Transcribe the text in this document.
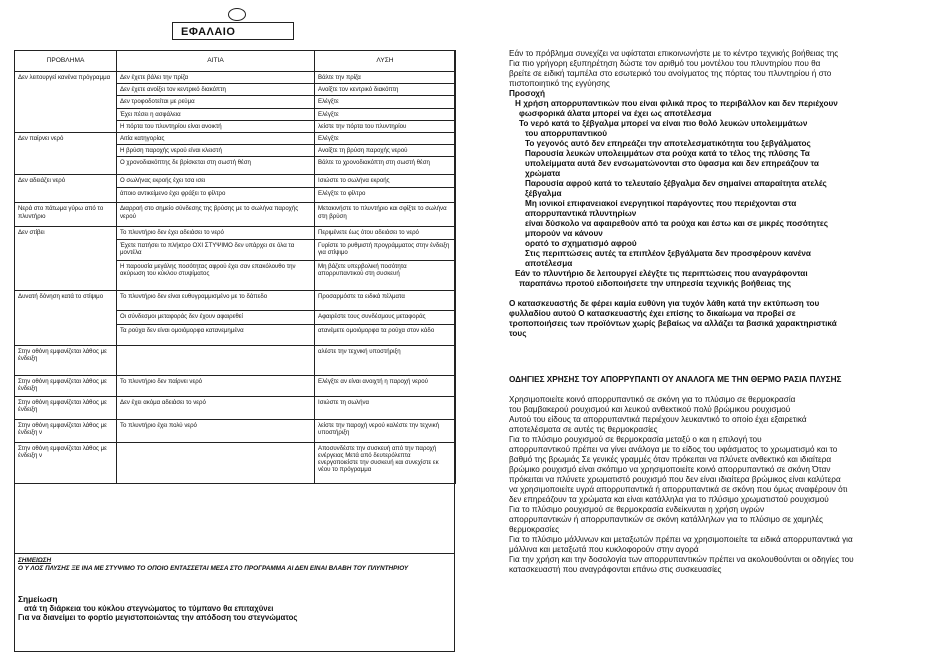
ΕΦΑΛΑΙΟ
ΠΡΟΒΛΗΜΑ	ΑΙΤΙΑ	ΛΥΣΗ
Δεν λειτουργεί κανένα πρόγραμμα	Δεν έχετε βάλει την πρίζα	Βάλτε την πρίζα
	Δεν έχετε ανοίξει τον κεντρικό διακόπτη	Ανοίξτε τον κεντρικό διακόπτη
	Δεν τροφοδοτείται με ρεύμα	Ελέγξτε
	Έχει πέσει η ασφάλεια	Ελέγξτε
	Η πόρτα του πλυντηρίου είναι ανοικτή	λείστε την πόρτα του πλυντηρίου
Δεν παίρνει νερό	Αιτία κατηγορίας	Ελέγξτε
	Η βρύση παροχής νερού είναι κλειστή	Ανοίξτε τη βρύση παροχής νερού
	Ο χρονοδιακόπτης δε βρίσκεται στη σωστή θέση	Βάλτε το χρονοδιακόπτη στη σωστή θέση
Δεν αδειάζει νερό	Ο σωλήνας εκροής έχει τσα ισει	Ισιώστε το σωλήνα εκροής
	άποιο αντικείμενο έχει φράξει το φίλτρο	Ελέγξτε το φίλτρο
Νερά στο πάτωμα γύρω από το πλυντήριο	Διαρροή στο σημείο σύνδεσης της βρύσης με το σωλήνα παροχής νερού	Μετακινήστε το πλυντήριο και σφίξτε το σωλήνα στη βρύση
Δεν στίβει	Το πλυντήριο δεν έχει αδειάσει το νερό	Περιμένετε έως ότου αδειάσει το νερό
	Έχετε πατήσει το πλήκτρο ΟΧΙ ΣΤΥΨΙΜΟ δεν υπάρχει σε όλα τα μοντέλα	Γυρίστε το ρυθμιστή προγράμματος στην ένδειξη για στίψιμο
	Η παρουσία μεγάλης ποσότητας αφρού έχει σαν επακόλουθο την ακύρωση του κύκλου στυψίματος	Μη βάζετε υπερβολική ποσότητα απορρυπαντικού στη συσκευή
Δυνατή δόνηση κατά το στίψιμο	Το πλυντήριο δεν είναι ευθυγραμμισμένο με το δάπεδο	Προσαρμόστε τα ειδικά πέλματα
	Οι σύνδεσμοι μεταφοράς δεν έχουν αφαιρεθεί	Αφαιρέστε τους συνδέσμους μεταφοράς
	Τα ρούχα δεν είναι ομοιόμορφα κατανεμημένα	ατανέμετε ομοιόμορφα τα ρούχα στον κάδο
Στην οθόνη εμφανίζεται λάθος με ένδειξη		αλέστε την τεχνική υποστήριξη
Στην οθόνη εμφανίζεται λάθος με ένδειξη	Το πλυντήριο δεν παίρνει νερό	Ελέγξτε αν είναι ανοιχτή η παροχή νερού
Στην οθόνη εμφανίζεται λάθος με ένδειξη	Δεν έχει ακόμα αδειάσει το νερό	Ισιώστε τη σωλήνα
Στην οθόνη εμφανίζεται λάθος με ένδειξη ν	Το πλυντήριο έχει πολύ νερό	λείστε την παροχή νερού καλέστε την τεχνική υποστήριξη
Στην οθόνη εμφανίζεται λάθος με ένδειξη ν		Αποσυνδέστε την συσκευή από την παροχή ενέργειας Μετά από δευτερόλεπτα ενεργοποιείστε την συσκευή και συνεχίστε εκ νέου το πρόγραμμα
ΣΗΜΕΙΩΣΗ
Ο Υ ΛΟΣ ΠΛΥΣΗΣ ΞΕ ΙΝΑ ΜΕ ΣΤΥΨΙΜΟ ΤΟ ΟΠΟΙΟ ΕΝΤΑΣΣΕΤΑΙ ΜΕΣΑ ΣΤΟ ΠΡΟΓΡΑΜΜΑ ΑΙ ΔΕΝ ΕΙΝΑΙ ΒΛΑΒΗ ΤΟΥ ΠΛΥΝΤΗΡΙΟΥ
Σημείωση
ατά τη διάρκεια του κύκλου στεγνώματος το τύμπανο θα επιταχύνει
Για να διανείμει το φορτίο μεγιστοποιώντας την απόδοση του στεγνώματος
Εάν το πρόβλημα συνεχίζει να υφίσταται επικοινωνήστε με το κέντρο τεχνικής βοήθειας της
Για πιο γρήγορη εξυπηρέτηση δώστε τον αριθμό του μοντέλου του πλυντηρίου που θα
βρείτε σε ειδική ταμπέλα στο εσωτερικό του ανοίγματος της πόρτας του πλυντηρίου ή στο
πιστοποιητικό της εγγύησης
Προσοχή
Η χρήση απορρυπαντικών που είναι φιλικά προς το περιβάλλον και δεν περιέχουν
φωσφορικά άλατα μπορεί να έχει ως αποτέλεσμα
Το νερό κατά το ξέβγαλμα μπορεί να είναι πιο θολό λευκών υπολειμμάτων
του απορρυπαντικού
Το γεγονός αυτό δεν επηρεάζει την αποτελεσματικότητα του ξεβγάλματος
Παρουσία λευκών υπολειμμάτων στα ρούχα κατά το τέλος της πλύσης Τα
υπολείμματα αυτά δεν ενσωματώνονται στο ύφασμα και δεν επηρεάζουν τα
χρώματα
Παρουσία αφρού κατά το τελευταίο ξέβγαλμα δεν σημαίνει απαραίτητα ατελές
ξέβγαλμα
Μη ιονικοί επιφανειακοί ενεργητικοί παράγοντες που περιέχονται στα
απορρυπαντικά πλυντηρίων
είναι δύσκολο να αφαιρεθούν από τα ρούχα και έστω και σε μικρές ποσότητες
μπορούν να κάνουν
ορατό το σχηματισμό αφρού
Στις περιπτώσεις αυτές τα επιπλέον ξεβγάλματα δεν προσφέρουν κανένα
αποτέλεσμα
Εάν το πλυντήριο δε λειτουργεί ελέγξτε τις περιπτώσεις που αναγράφονται
παραπάνω προτού ειδοποιήσετε την υπηρεσία τεχνικής βοήθειας της
Ο κατασκευαστής δε φέρει καμία ευθύνη για τυχόν λάθη κατά την εκτύπωση του
φυλλαδίου αυτού Ο κατασκευαστής έχει επίσης το δικαίωμα να προβεί σε
τροποποιήσεις των προϊόντων χωρίς βεβαίως να αλλάζει τα βασικά χαρακτηριστικά
τους
ΟΔΗΓΙΕΣ ΧΡΗΣΗΣ ΤΟΥ ΑΠΟΡΡΥΠΑΝΤΙ ΟΥ ΑΝΑΛΟΓΑ ΜΕ ΤΗΝ ΘΕΡΜΟ ΡΑΣΙΑ ΠΛΥΣΗΣ
Χρησιμοποιείτε κοινό απορρυπαντικό σε σκόνη για το πλύσιμο σε θερμοκρασία
του βαμβακερού ρουχισμού και λευκού ανθεκτικού πολύ βρώμικου ρουχισμού
Αυτού του είδους τα απορρυπαντικά περιέχουν λευκαντικό το οποίο έχει εξαιρετικά
αποτελέσματα σε αυτές τις θερμοκρασίες
Για το πλύσιμο ρουχισμού σε θερμοκρασία μεταξύ ο και η επιλογή του
απορρυπαντικού πρέπει να γίνει ανάλογα με το είδος του υφάσματος το χρωματισμό και το
βαθμό της βρωμιάς Σε γενικές γραμμές όταν πρόκειται να πλύνετε ανθεκτικό και ιδιαίτερα
βρώμικο ρουχισμό είναι σκόπιμο να χρησιμοποιείτε κοινό απορρυπαντικό σε σκόνη Όταν
πρόκειται να πλύνετε χρωματιστό ρουχισμό που δεν είναι ιδιαίτερα βρώμικος είναι καλύτερα
να χρησιμοποιείτε υγρά απορρυπαντικά ή απορρυπαντικά σε σκόνη που όμως αναφέρουν ότι
δεν επηρεάζουν τα χρώματα και είναι κατάλληλα για το πλύσιμο χρωματιστού ρουχισμού
Για το πλύσιμο ρουχισμού σε θερμοκρασία ενδείκνυται η χρήση υγρών
απορρυπαντικών ή απορρυπαντικών σε σκόνη κατάλληλων για το πλύσιμο σε χαμηλές
θερμοκρασίες
Για το πλύσιμο μάλλινων και μεταξωτών πρέπει να χρησιμοποιείτε τα ειδικά απορρυπαντικά για
μάλλινα και μεταξωτά που κυκλοφορούν στην αγορά
Για την χρήση και την δοσολογία των απορρυπαντικών πρέπει να ακολουθούνται οι οδηγίες του
κατασκευαστή που αναγράφονται επάνω στις συσκευασίες
